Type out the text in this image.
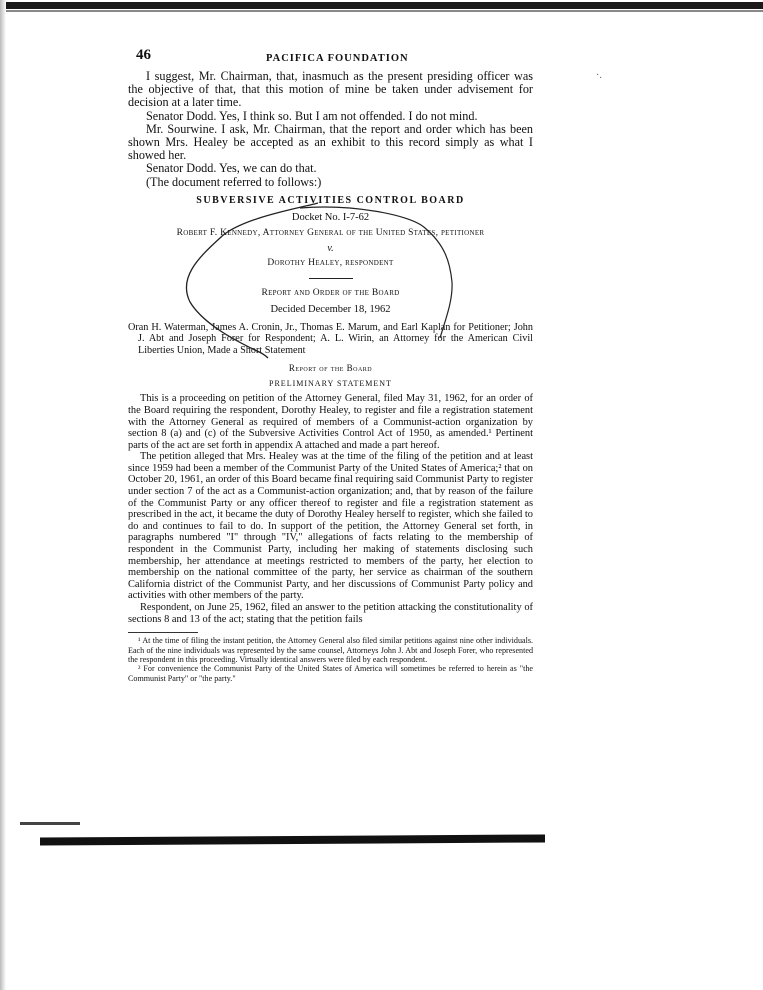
46	PACIFICA FOUNDATION

I suggest, Mr. Chairman, that, inasmuch as the present presiding officer was the objective of that, that this motion of mine be taken under advisement for decision at a later time.

Senator Dodd. Yes, I think so. But I am not offended. I do not mind.

Mr. Sourwine. I ask, Mr. Chairman, that the report and order which has been shown Mrs. Healey be accepted as an exhibit to this record simply as what I showed her.

Senator Dodd. Yes, we can do that.

(The document referred to follows:)

SUBVERSIVE ACTIVITIES CONTROL BOARD
Docket No. I-7-62
Robert F. Kennedy, Attorney General of the United States, petitioner
v.
Dorothy Healey, respondent
Report and Order of the Board
Decided December 18, 1962

Oran H. Waterman, James A. Cronin, Jr., Thomas E. Marum, and Earl Kaplan for Petitioner; John J. Abt and Joseph Forer for Respondent; A. L. Wirin, an Attorney for the American Civil Liberties Union, Made a Short Statement

Report of the Board
PRELIMINARY STATEMENT

This is a proceeding on petition of the Attorney General, filed May 31, 1962, for an order of the Board requiring the respondent, Dorothy Healey, to register and file a registration statement with the Attorney General as required of members of a Communist-action organization by section 8 (a) and (c) of the Subversive Activities Control Act of 1950, as amended.¹ Pertinent parts of the act are set forth in appendix A attached and made a part hereof.

The petition alleged that Mrs. Healey was at the time of the filing of the petition and at least since 1959 had been a member of the Communist Party of the United States of America;² that on October 20, 1961, an order of this Board became final requiring said Communist Party to register under section 7 of the act as a Communist-action organization; and, that by reason of the failure of the Communist Party or any officer thereof to register and file a registration statement as prescribed in the act, it became the duty of Dorothy Healey herself to register, which she failed to do and continues to fail to do. In support of the petition, the Attorney General set forth, in paragraphs numbered "I" through "IV," allegations of facts relating to the membership of respondent in the Communist Party, including her making of statements disclosing such membership, her attendance at meetings restricted to members of the party, her election to membership on the national committee of the party, her service as chairman of the southern California district of the Communist Party, and her discussions of Communist Party policy and activities with other members of the party.

Respondent, on June 25, 1962, filed an answer to the petition attacking the constitutionality of sections 8 and 13 of the act; stating that the petition fails

¹ At the time of filing the instant petition, the Attorney General also filed similar petitions against nine other individuals. Each of the nine individuals was represented by the same counsel, Attorneys John J. Abt and Joseph Forer, who represented the respondent in this proceeding. Virtually identical answers were filed by each respondent.

² For convenience the Communist Party of the United States of America will sometimes be referred to herein as "the Communist Party" or "the party."

·.
